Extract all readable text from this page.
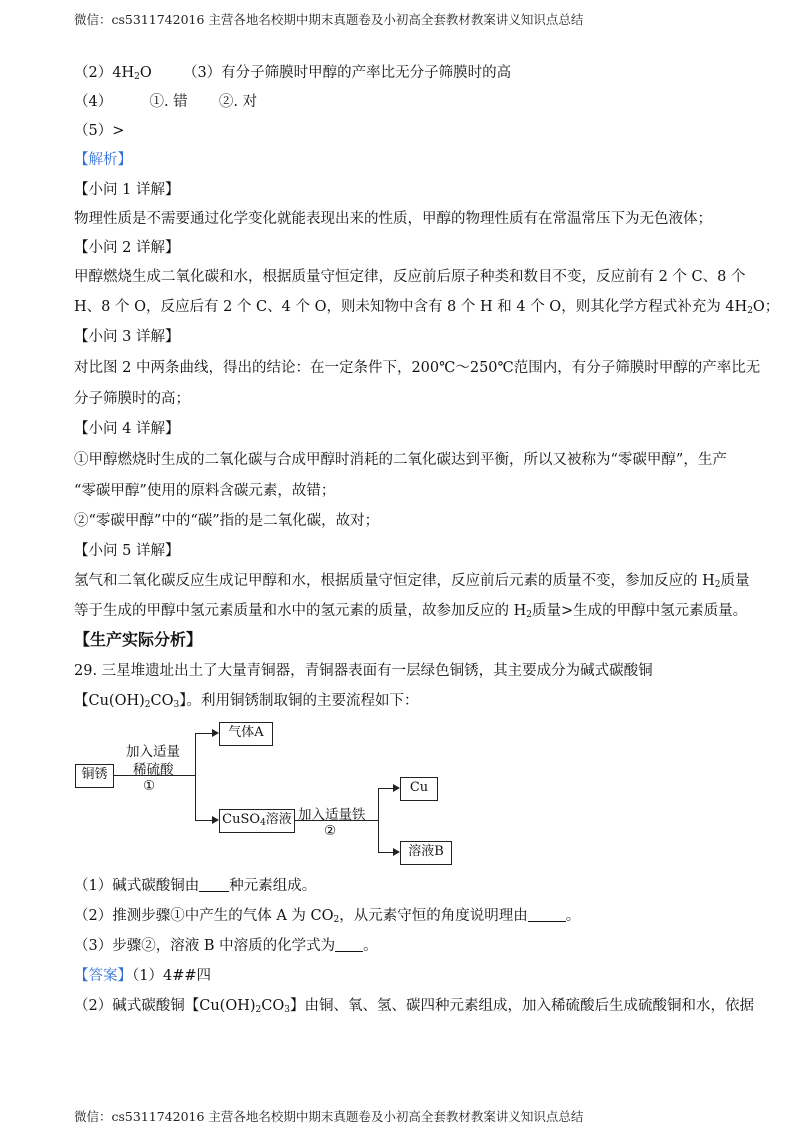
微信：cs5311742016 主营各地名校期中期末真题卷及小初高全套教材教案讲义知识点总结
$(2)4H_2O$ （3）有分子筛膜时甲醇的产率比无分子筛膜时的高
（4）	①. 错 ②. 对
（5）>
【解析】
【小问 1 详解】
物理性质是不需要通过化学变化就能表现出来的性质，甲醇的物理性质有在常温常压下为无色液体；
【小问 2 详解】
甲醇燃烧生成二氧化碳和水，根据质量守恒定律，反应前后原子种类和数目不变，反应前有 2 个 C、8 个
H、8 个 O，反应后有 2 个 C、4 个 O，则未知物中含有 8 个 H 和 4 个 O，则其化学方程式补充为 $4H_2O$；
【小问 3 详解】
对比图 2 中两条曲线，得出的结论：在一定条件下，200℃～250℃范围内，有分子筛膜时甲醇的产率比无
分子筛膜时的高；
【小问 4 详解】
①甲醇燃烧时生成的二氧化碳与合成甲醇时消耗的二氧化碳达到平衡，所以又被称为“零碳甲醇”，生产
“零碳甲醇”使用的原料含碳元素，故错；
②“零碳甲醇”中的“碳”指的是二氧化碳，故对；
【小问 5 详解】
氢气和二氧化碳反应生成记甲醇和水，根据质量守恒定律，反应前后元素的质量不变，参加反应的 $H_2$质量
等于生成的甲醇中氢元素质量和水中的氢元素的质量，故参加反应的 $H_2$质量>生成的甲醇中氢元素质量。
【生产实际分析】
29. 三星堆遗址出土了大量青铜器，青铜器表面有一层绿色铜锈，其主要成分为碱式碳酸铜
【$Cu(OH)_2CO_3$】。利用铜锈制取铜的主要流程如下：
铜锈
气体A
CuSO$_4$溶液
Cu
溶液B
加入适量
稀硫酸
①
加入适量铁
②
（1）碱式碳酸铜由 种元素组成。
（2）推测步骤①中产生的气体 A 为 $CO_2$，从元素守恒的角度说明理由	。
（3）步骤②，溶液 B 中溶质的化学式为 。
【答案】（1）4##四
（2）碱式碳酸铜【$Cu(OH)_2CO_3$】由铜、氧、氢、碳四种元素组成，加入稀硫酸后生成硫酸铜和水，依据
微信：cs5311742016 主营各地名校期中期末真题卷及小初高全套教材教案讲义知识点总结
